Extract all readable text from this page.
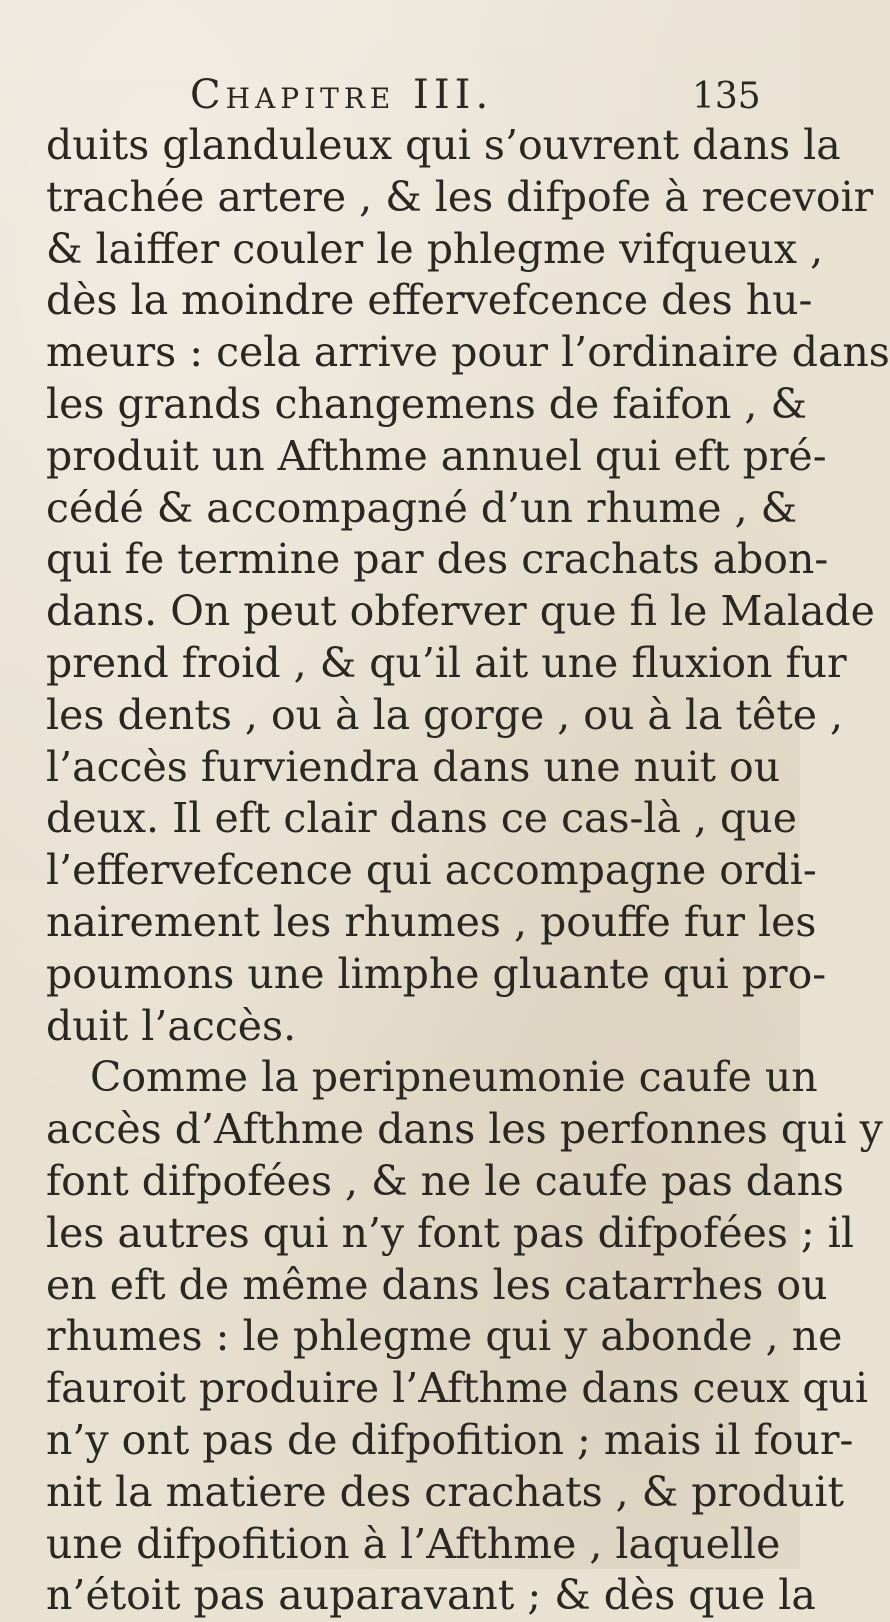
Chapitre III.	135
duits glanduleux qui s’ouvrent dans la
trachée artere , & les difpofe à recevoir
& laiffer couler le phlegme vifqueux ,
dès la moindre effervefcence des hu-
meurs : cela arrive pour l’ordinaire dans
les grands changemens de faifon , &
produit un Afthme annuel qui eft pré-
cédé & accompagné d’un rhume , &
qui fe termine par des crachats abon-
dans. On peut obferver que fi le Malade
prend froid , & qu’il ait une fluxion fur
les dents , ou à la gorge , ou à la tête ,
l’accès furviendra dans une nuit ou
deux. Il eft clair dans ce cas-là , que
l’effervefcence qui accompagne ordi-
nairement les rhumes , pouffe fur les
poumons une limphe gluante qui pro-
duit l’accès.
Comme la peripneumonie caufe un
accès d’Afthme dans les perfonnes qui y
font difpofées , & ne le caufe pas dans
les autres qui n’y font pas difpofées ; il
en eft de même dans les catarrhes ou
rhumes : le phlegme qui y abonde , ne
fauroit produire l’Afthme dans ceux qui
n’y ont pas de difpofition ; mais il four-
nit la matiere des crachats , & produit
une difpofition à l’Afthme , laquelle
n’étoit pas auparavant ; & dès que la
